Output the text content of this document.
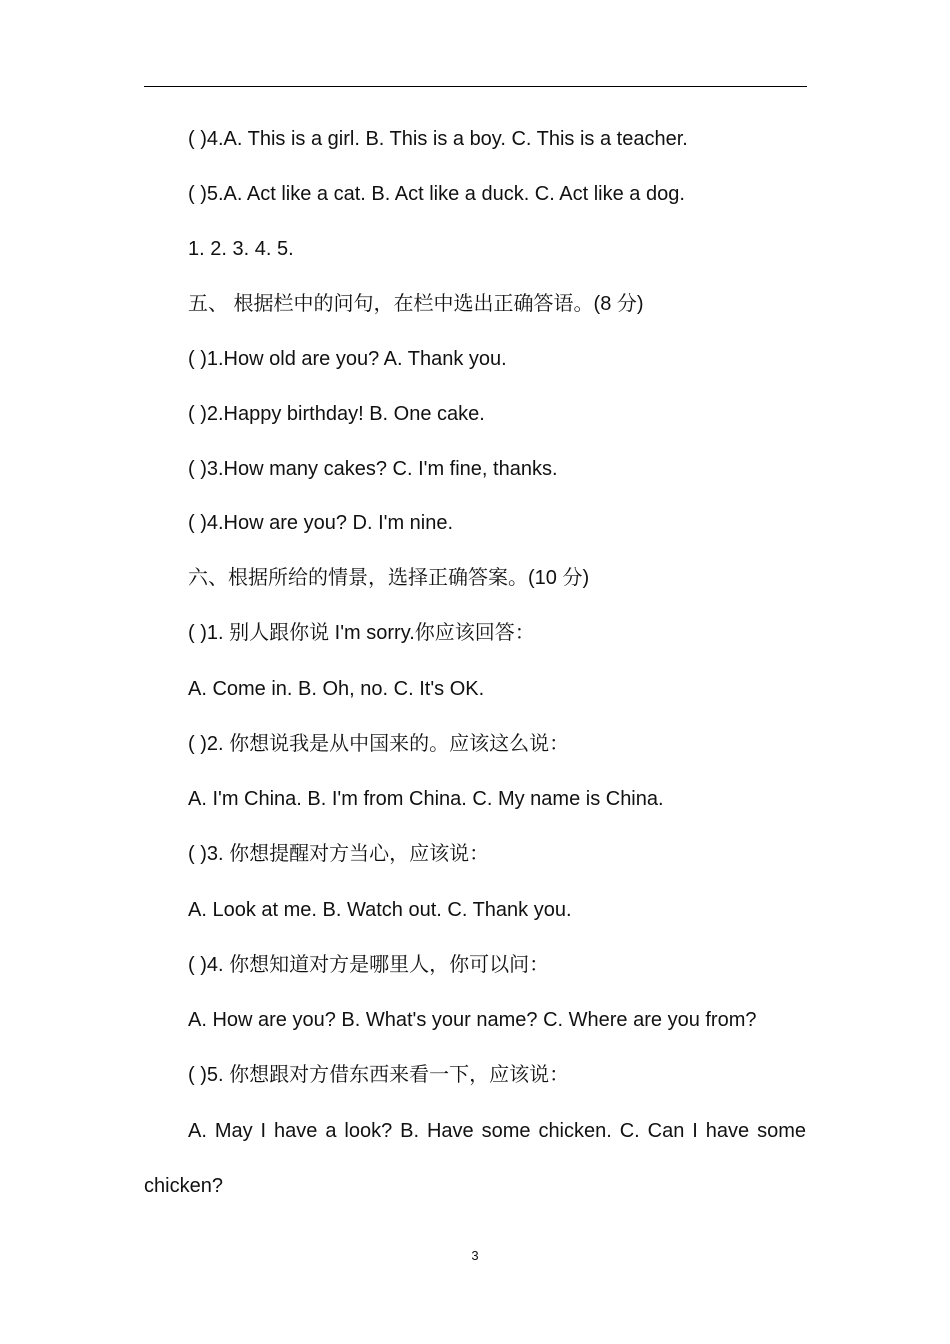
( )4.A. This is a girl. B. This is a boy. C. This is a teacher.
( )5.A. Act like a cat. B. Act like a duck. C. Act like a dog.
1. 2. 3. 4. 5.
五、 根据栏中的问句，在栏中选出正确答语。(8 分)
( )1.How old are you? A. Thank you.
( )2.Happy birthday! B. One cake.
( )3.How many cakes? C. I'm fine, thanks.
( )4.How are you? D. I'm nine.
六、根据所给的情景，选择正确答案。(10 分)
( )1. 别人跟你说 I'm sorry.你应该回答：
A. Come in. B. Oh, no. C. It's OK.
( )2. 你想说我是从中国来的。应该这么说：
A. I'm China. B. I'm from China. C. My name is China.
( )3. 你想提醒对方当心，应该说：
A. Look at me. B. Watch out. C. Thank you.
( )4. 你想知道对方是哪里人，你可以问：
A. How are you? B. What's your name? C. Where are you from?
( )5. 你想跟对方借东西来看一下，应该说：
A. May I have a look? B. Have some chicken. C. Can I have some
chicken?
3
